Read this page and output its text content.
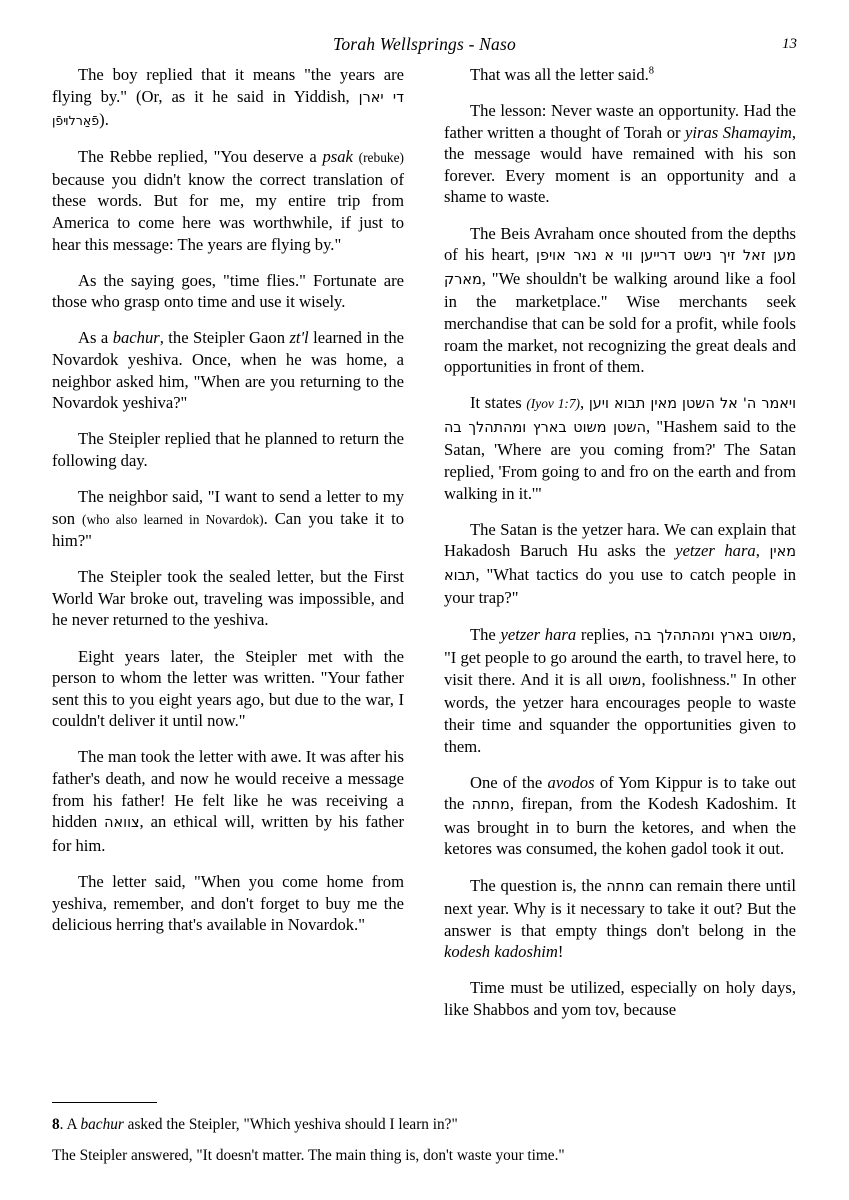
Torah Wellsprings - Naso	13

The boy replied that it means "the years are flying by." (Or, as it he said in Yiddish, די יארן פֿאַרלױפֿן).

The Rebbe replied, "You deserve a psak (rebuke) because you didn't know the correct translation of these words. But for me, my entire trip from America to come here was worthwhile, if just to hear this message: The years are flying by."

As the saying goes, "time flies." Fortunate are those who grasp onto time and use it wisely.

As a bachur, the Steipler Gaon zt'l learned in the Novardok yeshiva. Once, when he was home, a neighbor asked him, "When are you returning to the Novardok yeshiva?"

The Steipler replied that he planned to return the following day.

The neighbor said, "I want to send a letter to my son (who also learned in Novardok). Can you take it to him?"

The Steipler took the sealed letter, but the First World War broke out, traveling was impossible, and he never returned to the yeshiva.

Eight years later, the Steipler met with the person to whom the letter was written. "Your father sent this to you eight years ago, but due to the war, I couldn't deliver it until now."

The man took the letter with awe. It was after his father's death, and now he would receive a message from his father! He felt like he was receiving a hidden צוואה, an ethical will, written by his father for him.

The letter said, "When you come home from yeshiva, remember, and don't forget to buy me the delicious herring that's available in Novardok."

That was all the letter said.$^8$

The lesson: Never waste an opportunity. Had the father written a thought of Torah or yiras Shamayim, the message would have remained with his son forever. Every moment is an opportunity and a shame to waste.

The Beis Avraham once shouted from the depths of his heart, מען זאל זיך נישט דרייען ווי א נאר אויפן מארק, "We shouldn't be walking around like a fool in the marketplace." Wise merchants seek merchandise that can be sold for a profit, while fools roam the market, not recognizing the great deals and opportunities in front of them.

It states (Iyov 1:7), ויאמר ה' אל השטן מאין תבוא ויען השטן משוט בארץ ומהתהלך בה, "Hashem said to the Satan, 'Where are you coming from?' The Satan replied, 'From going to and fro on the earth and from walking in it.'"

The Satan is the yetzer hara. We can explain that Hakadosh Baruch Hu asks the yetzer hara, מאין תבוא, "What tactics do you use to catch people in your trap?"

The yetzer hara replies, משוט בארץ ומהתהלך בה, "I get people to go around the earth, to travel here, to visit there. And it is all משוט, foolishness." In other words, the yetzer hara encourages people to waste their time and squander the opportunities given to them.

One of the avodos of Yom Kippur is to take out the מחתה, firepan, from the Kodesh Kadoshim. It was brought in to burn the ketores, and when the ketores was consumed, the kohen gadol took it out.

The question is, the מחתה can remain there until next year. Why is it necessary to take it out? But the answer is that empty things don't belong in the kodesh kadoshim!

Time must be utilized, especially on holy days, like Shabbos and yom tov, because

8. A bachur asked the Steipler, "Which yeshiva should I learn in?"

The Steipler answered, "It doesn't matter. The main thing is, don't waste your time."
